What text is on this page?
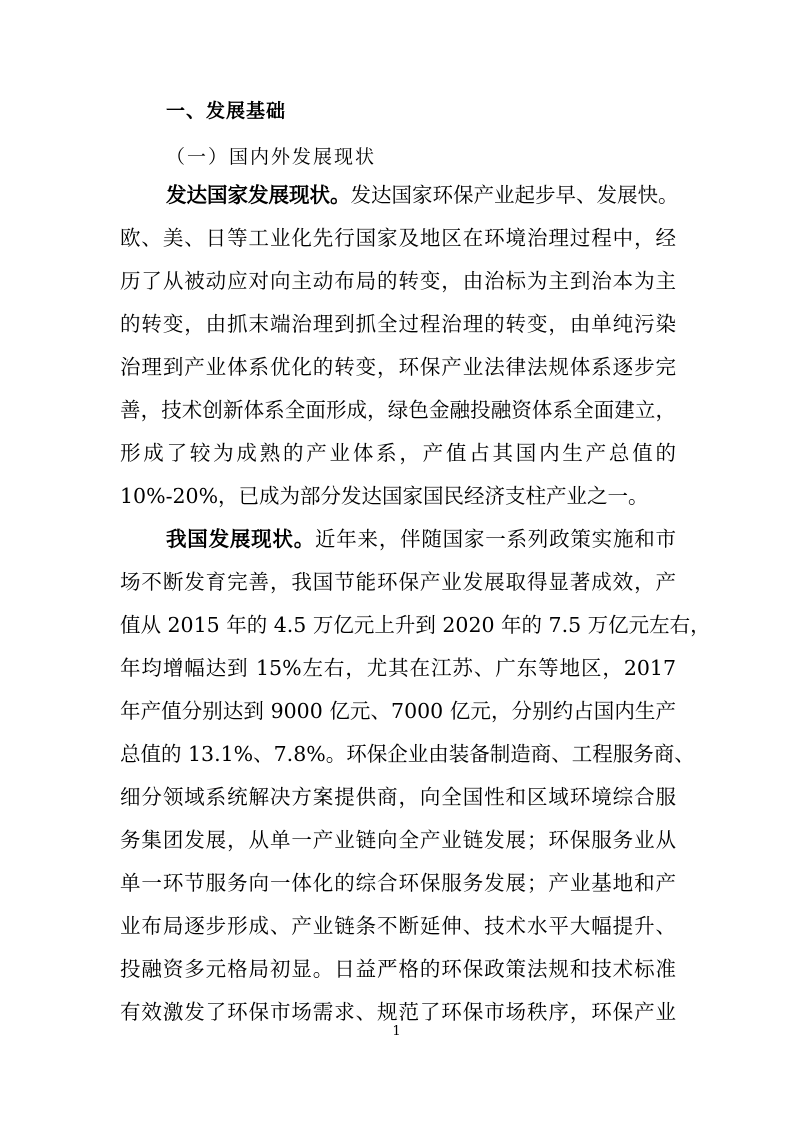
一、发展基础
（一）国内外发展现状
发达国家发展现状。发达国家环保产业起步早、发展快。
欧、美、日等工业化先行国家及地区在环境治理过程中，经
历了从被动应对向主动布局的转变，由治标为主到治本为主
的转变，由抓末端治理到抓全过程治理的转变，由单纯污染
治理到产业体系优化的转变，环保产业法律法规体系逐步完
善，技术创新体系全面形成，绿色金融投融资体系全面建立，
形成了较为成熟的产业体系，产值占其国内生产总值的
10%-20%，已成为部分发达国家国民经济支柱产业之一。
我国发展现状。近年来，伴随国家一系列政策实施和市
场不断发育完善，我国节能环保产业发展取得显著成效，产
值从 2015 年的 4.5 万亿元上升到 2020 年的 7.5 万亿元左右，
年均增幅达到 15%左右，尤其在江苏、广东等地区，2017
年产值分别达到 9000 亿元、7000 亿元，分别约占国内生产
总值的 13.1%、7.8%。环保企业由装备制造商、工程服务商、
细分领域系统解决方案提供商，向全国性和区域环境综合服
务集团发展，从单一产业链向全产业链发展；环保服务业从
单一环节服务向一体化的综合环保服务发展；产业基地和产
业布局逐步形成、产业链条不断延伸、技术水平大幅提升、
投融资多元格局初显。日益严格的环保政策法规和技术标准
有效激发了环保市场需求、规范了环保市场秩序，环保产业
1
